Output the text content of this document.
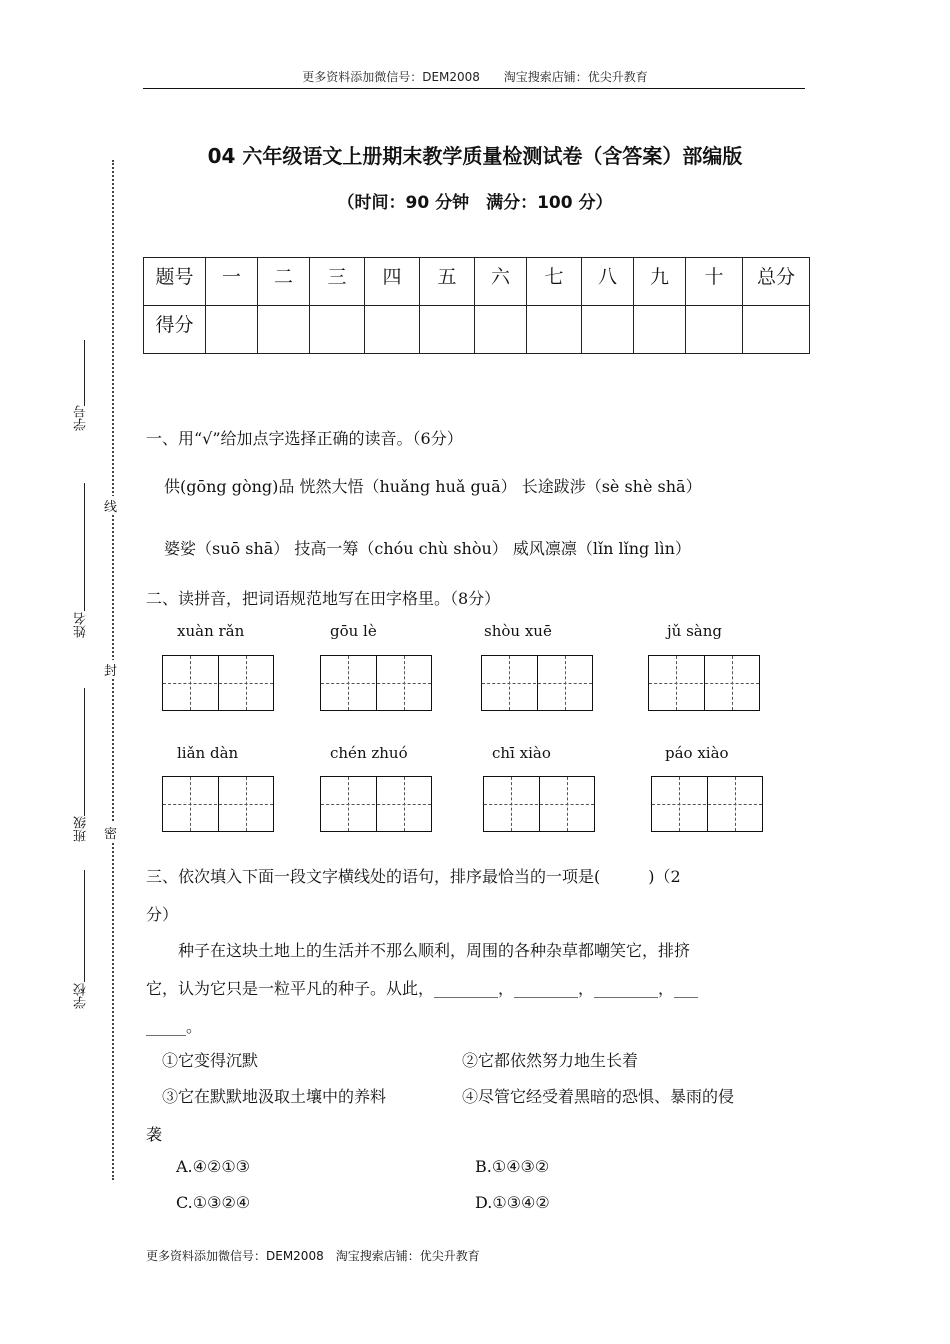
更多资料添加微信号：DEM2008 淘宝搜索店铺：优尖升教育
04 六年级语文上册期末教学质量检测试卷（含答案）部编版
（时间：90 分钟　满分：100 分）
题号	一	二	三	四	五	六	七	八	九	十	总分
得分											
线
封
密
学号
姓名
班级
学校
一、用“√”给加点字选择正确的读音。（6分）
供(gōng gòng)品 恍然大悟（huǎng huǎ guā） 长途跋涉（sè shè shā）
婆娑（suō shā） 技高一筹（chóu chù shòu） 威风凛凛（lǐn lǐng lìn）
二、读拼音，把词语规范地写在田字格里。（8分）
xuàn rǎn	gōu lè	shòu xuē	jǔ sàng
liǎn dàn	chén zhuó	chī xiào	páo xiào
三、依次填入下面一段文字横线处的语句，排序最恰当的一项是(　　　)（2
分）
种子在这块土地上的生活并不那么顺利，周围的各种杂草都嘲笑它，排挤
它，认为它只是一粒平凡的种子。从此，________，________，________，___
_____。
①它变得沉默	②它都依然努力地生长着
③它在默默地汲取土壤中的养料	④尽管它经受着黑暗的恐惧、暴雨的侵
袭
A.④②①③	B.①④③②
C.①③②④	D.①③④②
更多资料添加微信号：DEM2008　淘宝搜索店铺：优尖升教育
